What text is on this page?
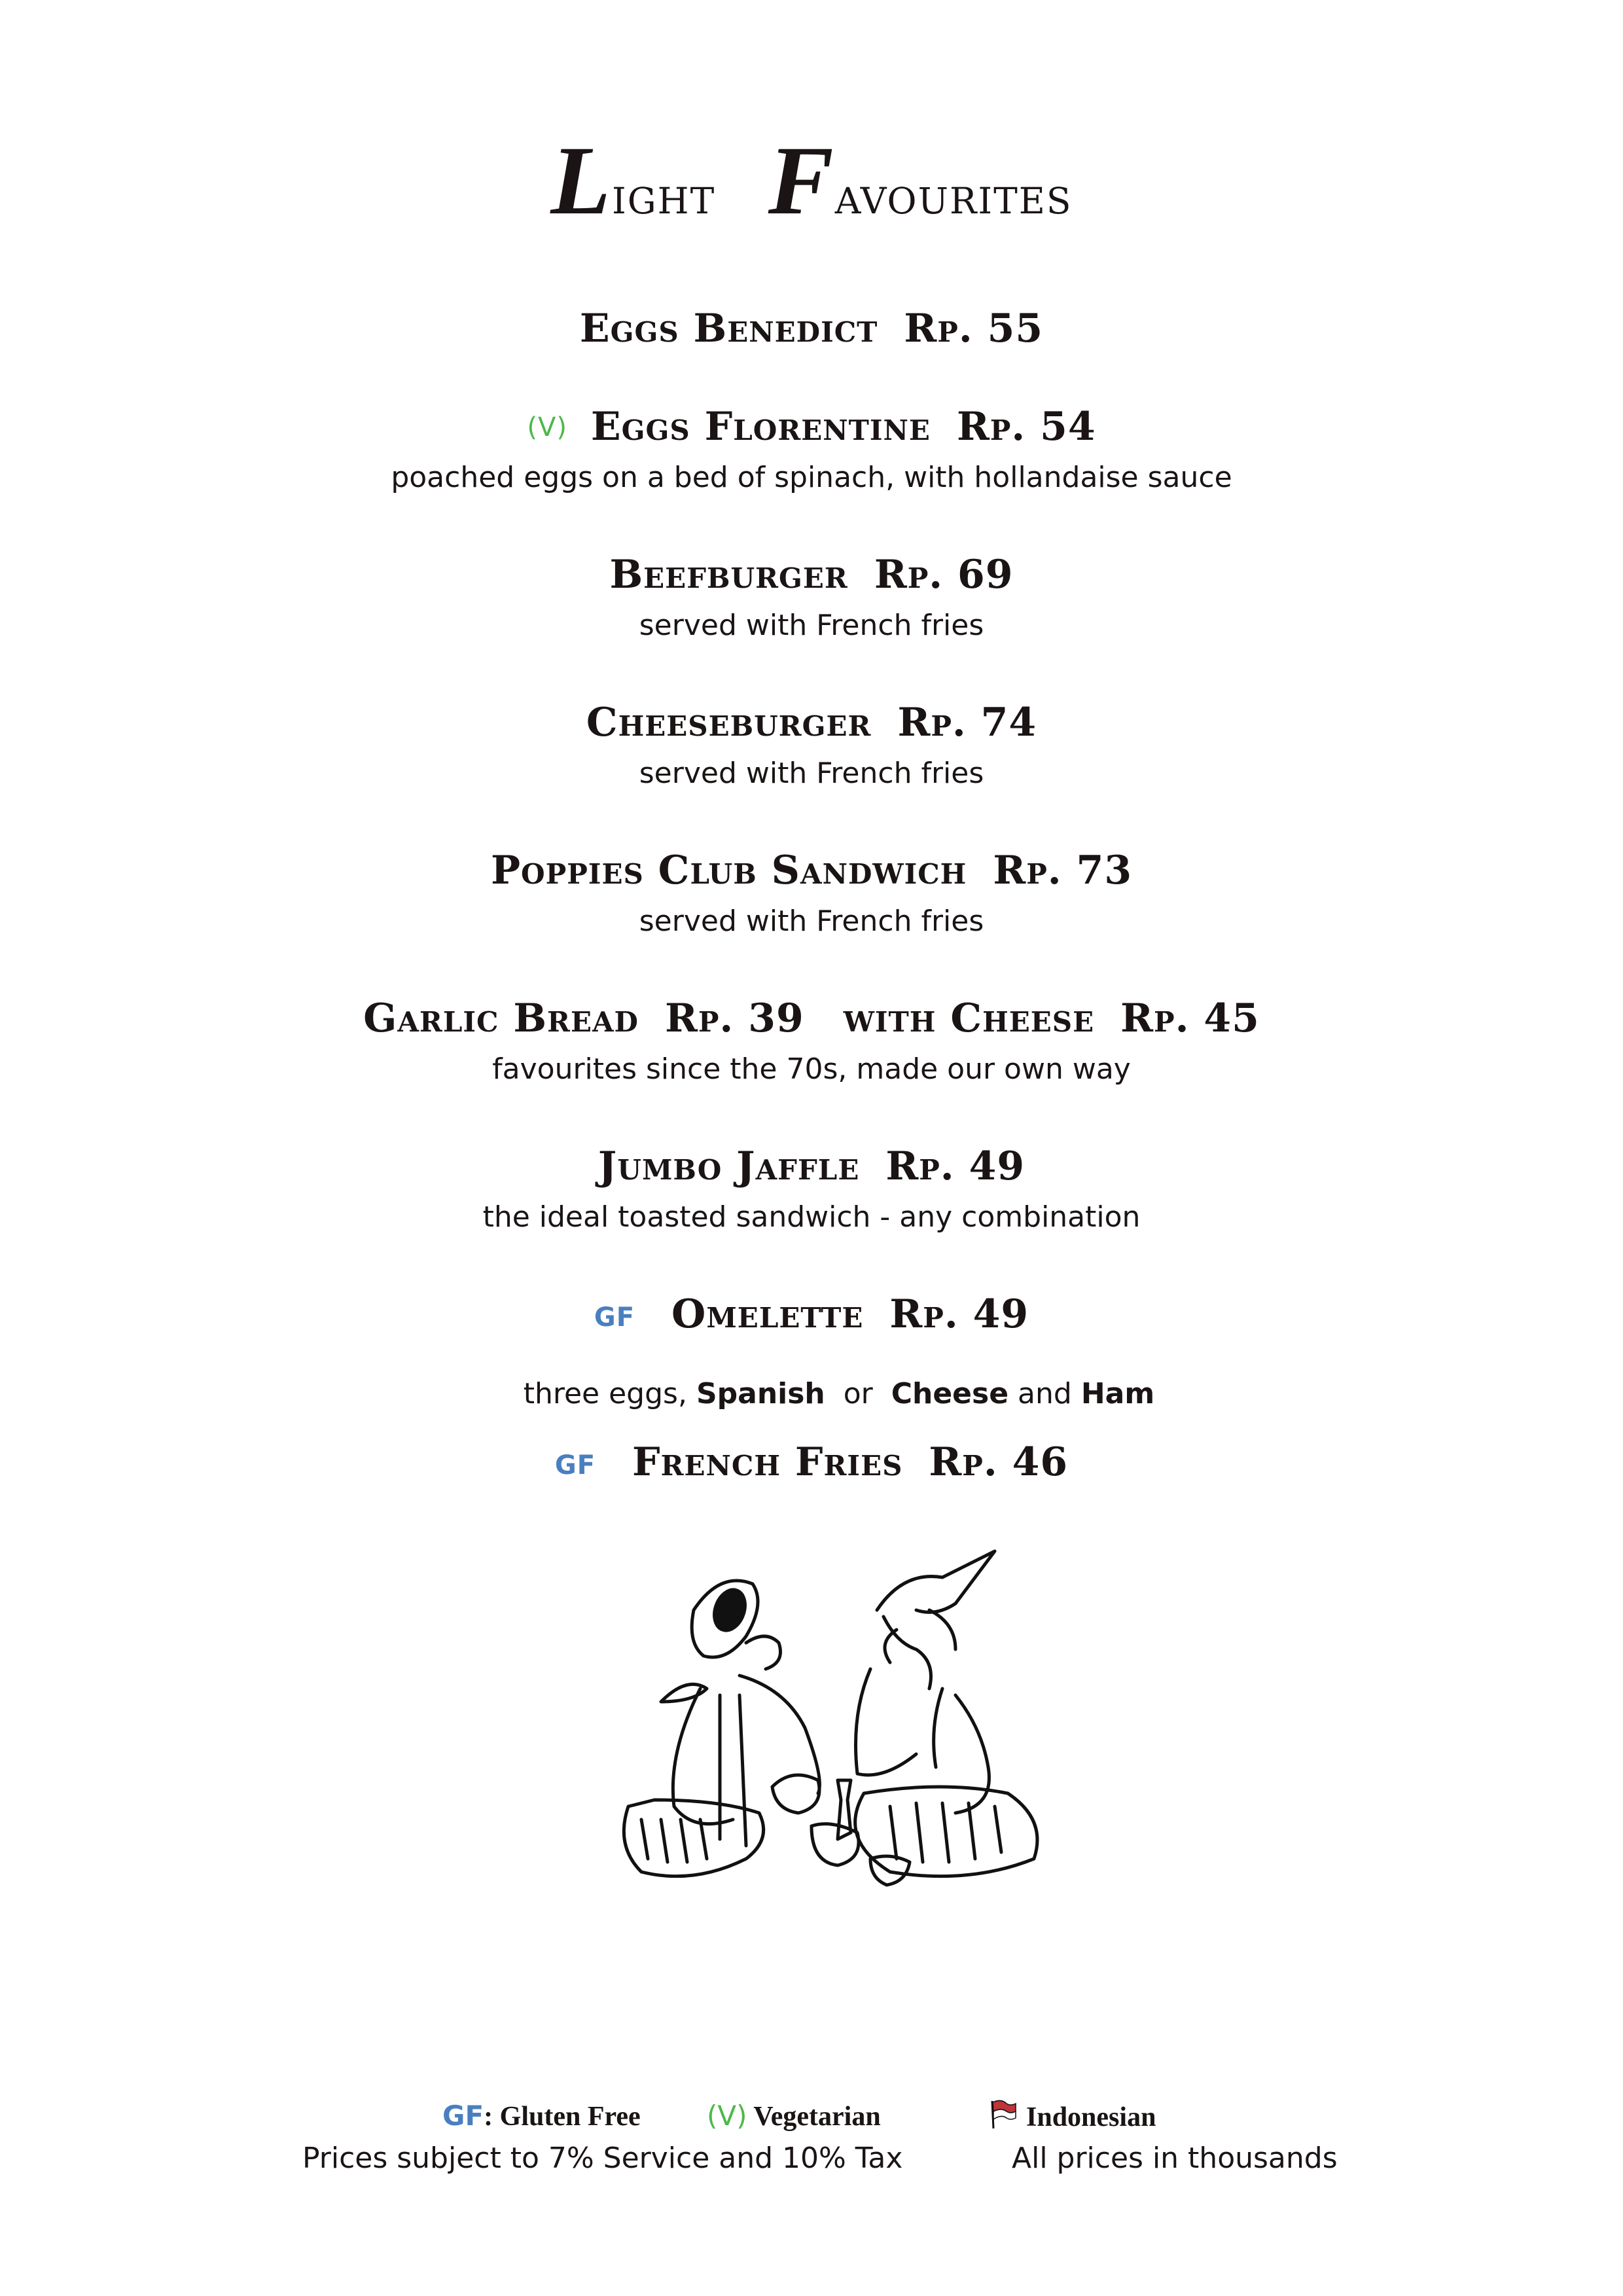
Light Favourites
Eggs Benedict Rp. 55
(V) Eggs Florentine Rp. 54
poached eggs on a bed of spinach, with hollandaise sauce
Beefburger Rp. 69
served with French fries
Cheeseburger Rp. 74
served with French fries
Poppies Club Sandwich Rp. 73
served with French fries
Garlic Bread Rp. 39 with Cheese Rp. 45
favourites since the 70s, made our own way
Jumbo Jaffle Rp. 49
the ideal toasted sandwich - any combination
GF Omelette Rp. 49

three eggs, Spanish  or  Cheese and Ham

GF French Fries Rp. 46
GF: Gluten Free (V) Vegetarian	Indonesian
Prices subject to 7% Service and 10% Tax	All prices in thousands
